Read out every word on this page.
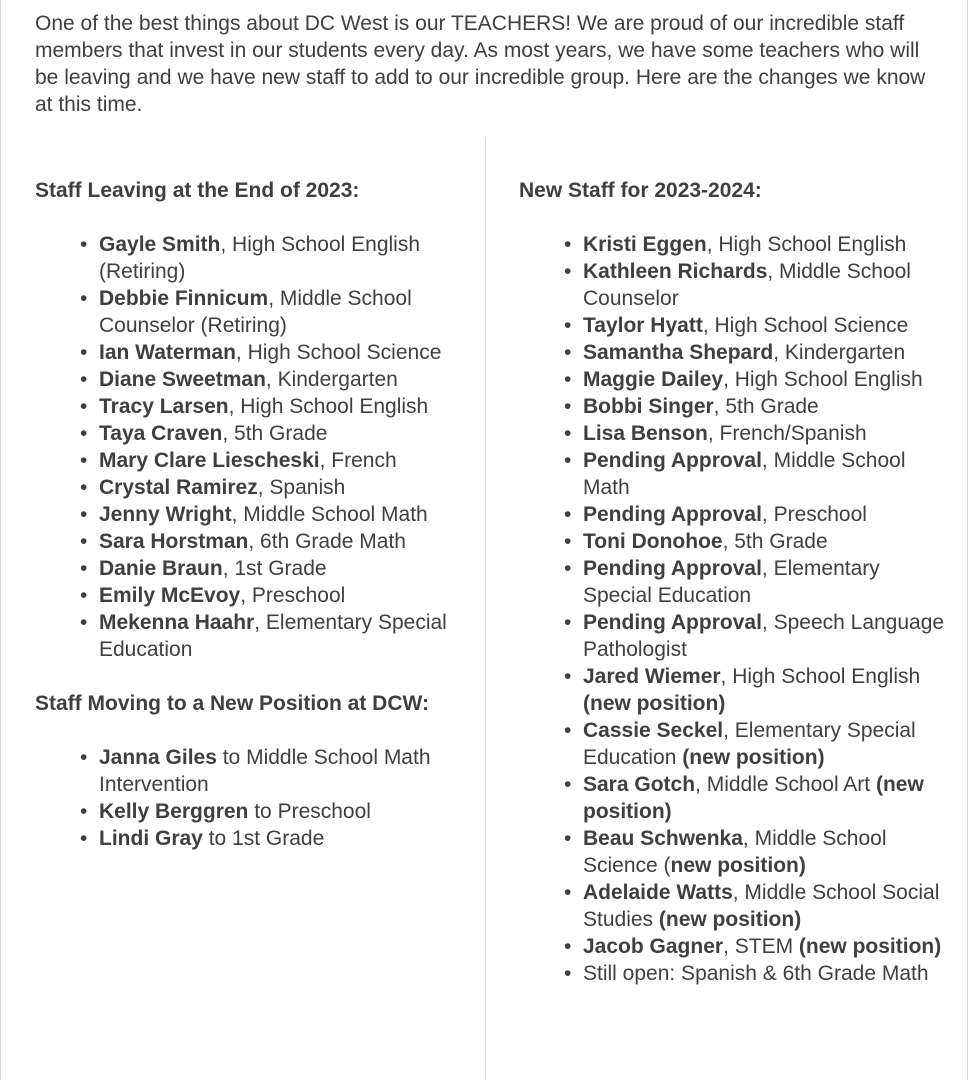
One of the best things about DC West is our TEACHERS! We are proud of our incredible staff members that invest in our students every day. As most years, we have some teachers who will be leaving and we have new staff to add to our incredible group. Here are the changes we know at this time.

Staff Leaving at the End of 2023:
• Gayle Smith, High School English (Retiring)
• Debbie Finnicum, Middle School Counselor (Retiring)
• Ian Waterman, High School Science
• Diane Sweetman, Kindergarten
• Tracy Larsen, High School English
• Taya Craven, 5th Grade
• Mary Clare Liescheski, French
• Crystal Ramirez, Spanish
• Jenny Wright, Middle School Math
• Sara Horstman, 6th Grade Math
• Danie Braun, 1st Grade
• Emily McEvoy, Preschool
• Mekenna Haahr, Elementary Special Education
Staff Moving to a New Position at DCW:
• Janna Giles to Middle School Math Intervention
• Kelly Berggren to Preschool
• Lindi Gray to 1st Grade
New Staff for 2023-2024:
• Kristi Eggen, High School English
• Kathleen Richards, Middle School Counselor
• Taylor Hyatt, High School Science
• Samantha Shepard, Kindergarten
• Maggie Dailey, High School English
• Bobbi Singer, 5th Grade
• Lisa Benson, French/Spanish
• Pending Approval, Middle School Math
• Pending Approval, Preschool
• Toni Donohoe, 5th Grade
• Pending Approval, Elementary Special Education
• Pending Approval, Speech Language Pathologist
• Jared Wiemer, High School English (new position)
• Cassie Seckel, Elementary Special Education (new position)
• Sara Gotch, Middle School Art (new position)
• Beau Schwenka, Middle School Science (new position)
• Adelaide Watts, Middle School Social Studies (new position)
• Jacob Gagner, STEM (new position)
• Still open: Spanish & 6th Grade Math
